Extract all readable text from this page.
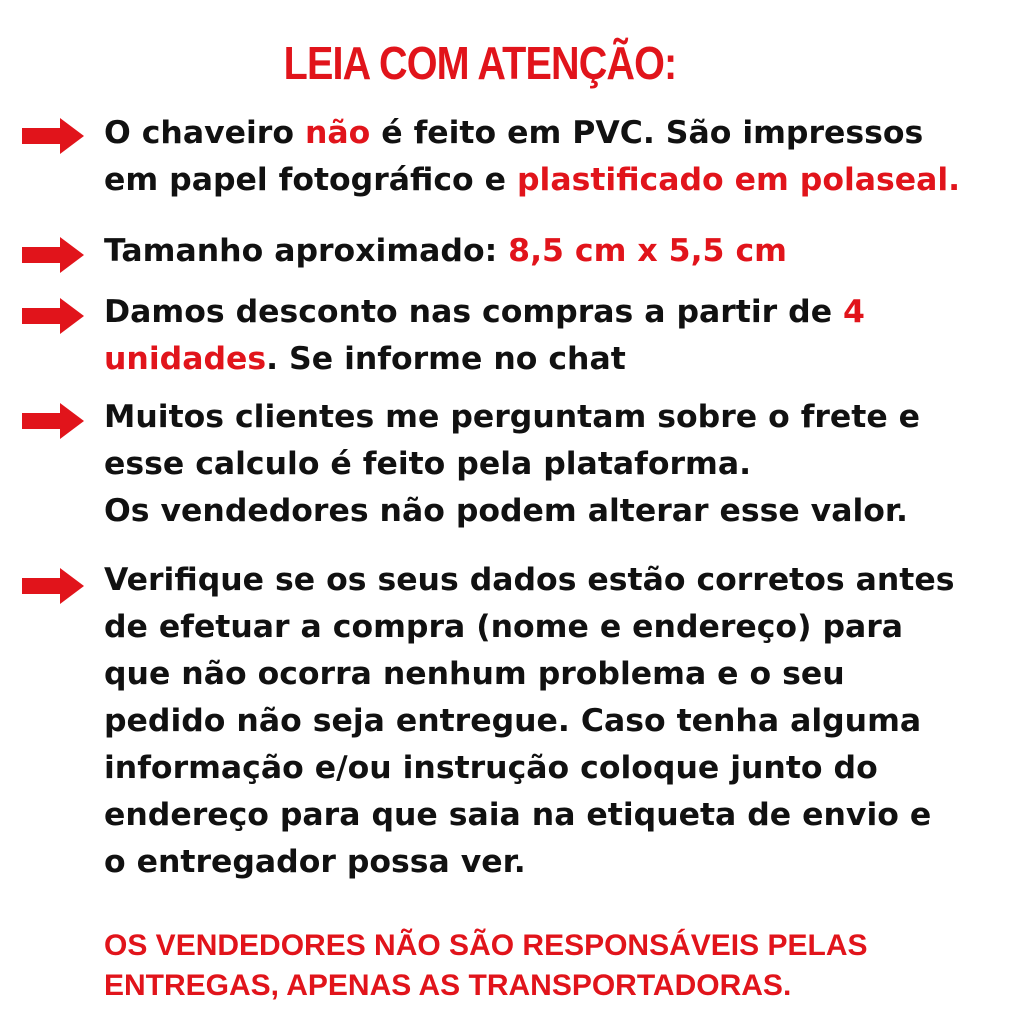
LEIA COM ATENÇÃO:
O chaveiro não é feito em PVC. São impressos
em papel fotográfico e plastificado em polaseal.
Tamanho aproximado: 8,5 cm x 5,5 cm
Damos desconto nas compras a partir de 4
unidades. Se informe no chat
Muitos clientes me perguntam sobre o frete e
esse calculo é feito pela plataforma.
Os vendedores não podem alterar esse valor.
Verifique se os seus dados estão corretos antes
de efetuar a compra (nome e endereço) para
que não ocorra nenhum problema e o seu
pedido não seja entregue. Caso tenha alguma
informação e/ou instrução coloque junto do
endereço para que saia na etiqueta de envio e
o entregador possa ver.
OS VENDEDORES NÃO SÃO RESPONSÁVEIS PELAS
ENTREGAS, APENAS AS TRANSPORTADORAS.
